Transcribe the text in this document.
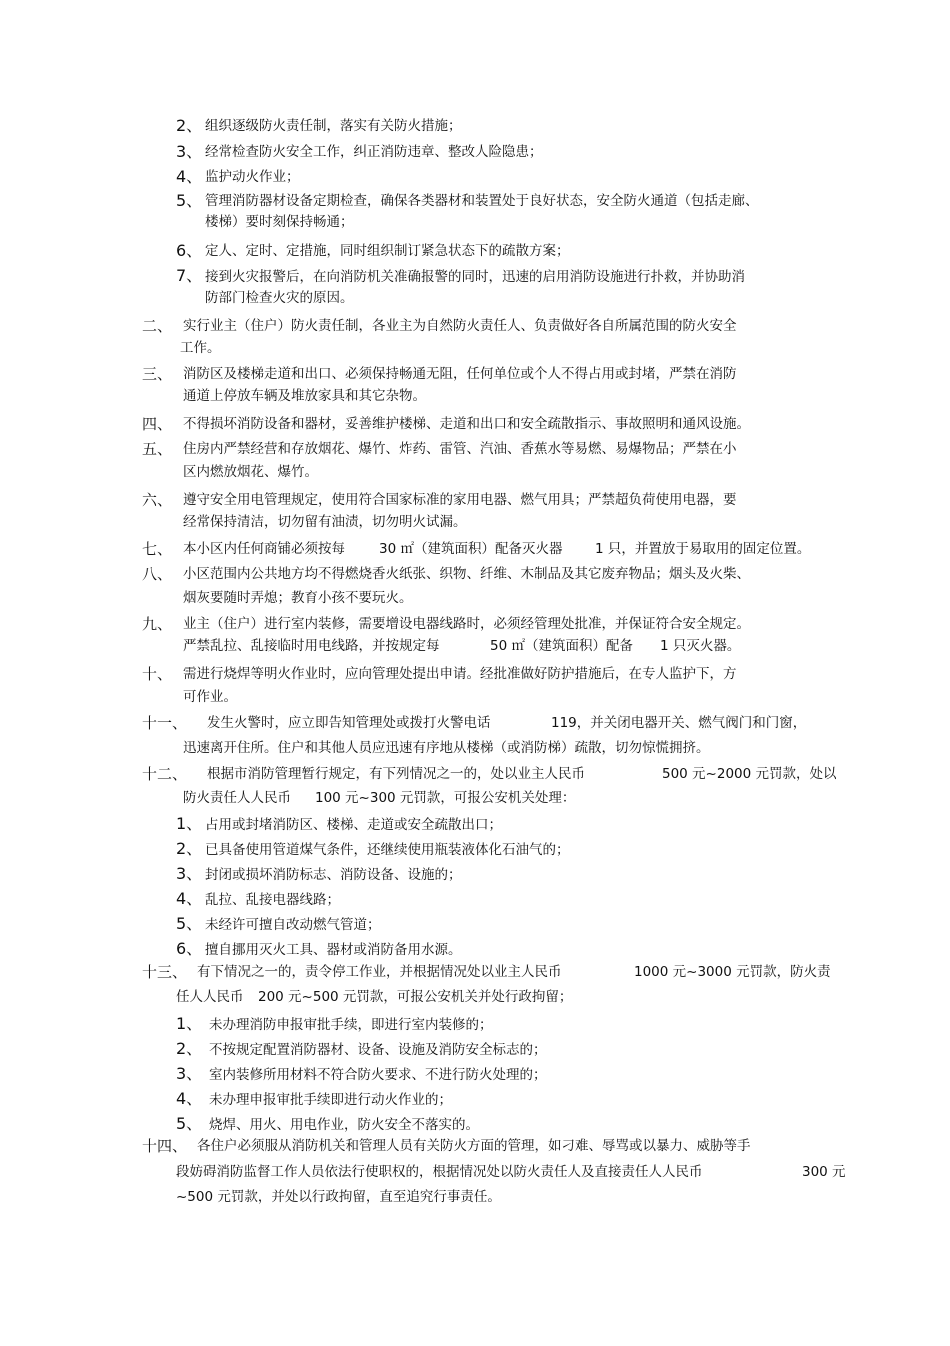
2、 组织逐级防火责任制，落实有关防火措施；
3、 经常检查防火安全工作，纠正消防违章、整改人险隐患；
4、 监护动火作业；
5、 管理消防器材设备定期检查，确保各类器材和装置处于良好状态，安全防火通道（包括走廊、
楼梯）要时刻保持畅通；
6、 定人、定时、定措施，同时组织制订紧急状态下的疏散方案；
7、 接到火灾报警后，在向消防机关准确报警的同时，迅速的启用消防设施进行扑救，并协助消
防部门检查火灾的原因。
二、 实行业主（住户）防火责任制，各业主为自然防火责任人、负责做好各自所属范围的防火安全
工作。
三、 消防区及楼梯走道和出口、必须保持畅通无阻，任何单位或个人不得占用或封堵，严禁在消防
通道上停放车辆及堆放家具和其它杂物。
四、 不得损坏消防设备和器材，妥善维护楼梯、走道和出口和安全疏散指示、事故照明和通风设施。
五、 住房内严禁经营和存放烟花、爆竹、炸药、雷管、汽油、香蕉水等易燃、易爆物品；严禁在小
区内燃放烟花、爆竹。
六、 遵守安全用电管理规定，使用符合国家标准的家用电器、燃气用具；严禁超负荷使用电器，要
经常保持清洁，切勿留有油渍，切勿明火试漏。
七、 本小区内任何商铺必须按每	30 ㎡（建筑面积）配备灭火器 1 只，并置放于易取用的固定位置。
八、 小区范围内公共地方均不得燃烧香火纸张、织物、纤维、木制品及其它废弃物品；烟头及火柴、
烟灰要随时弄熄；教育小孩不要玩火。
九、 业主（住户）进行室内装修，需要增设电器线路时，必须经管理处批准，并保证符合安全规定。
严禁乱拉、乱接临时用电线路，并按规定每	50 ㎡（建筑面积）配备 1 只灭火器。
十、 需进行烧焊等明火作业时，应向管理处提出申请。经批准做好防护措施后，在专人监护下，方
可作业。
十一、 发生火警时，应立即告知管理处或拨打火警电话	119，并关闭电器开关、燃气阀门和门窗，
迅速离开住所。住户和其他人员应迅速有序地从楼梯（或消防梯）疏散，切勿惊慌拥挤。
十二、 根据市消防管理暂行规定，有下列情况之一的，处以业主人民币	500 元~2000 元罚款，处以
防火责任人人民币 100 元~300 元罚款，可报公安机关处理：
1、 占用或封堵消防区、楼梯、走道或安全疏散出口；
2、 已具备使用管道煤气条件，还继续使用瓶装液体化石油气的；
3、 封闭或损坏消防标志、消防设备、设施的；
4、 乱拉、乱接电器线路；
5、 未经许可擅自改动燃气管道；
6、 擅自挪用灭火工具、器材或消防备用水源。
十三、 有下情况之一的，责令停工作业，并根据情况处以业主人民币	1000 元~3000 元罚款，防火责
任人人民币 200 元~500 元罚款，可报公安机关并处行政拘留；
1、 未办理消防申报审批手续，即进行室内装修的；
2、 不按规定配置消防器材、设备、设施及消防安全标志的；
3、 室内装修所用材料不符合防火要求、不进行防火处理的；
4、 未办理申报审批手续即进行动火作业的；
5、 烧焊、用火、用电作业，防火安全不落实的。
十四、 各住户必须服从消防机关和管理人员有关防火方面的管理，如刁难、辱骂或以暴力、威胁等手
段妨碍消防监督工作人员依法行使职权的，根据情况处以防火责任人及直接责任人人民币	300 元
~500 元罚款，并处以行政拘留，直至追究行事责任。
